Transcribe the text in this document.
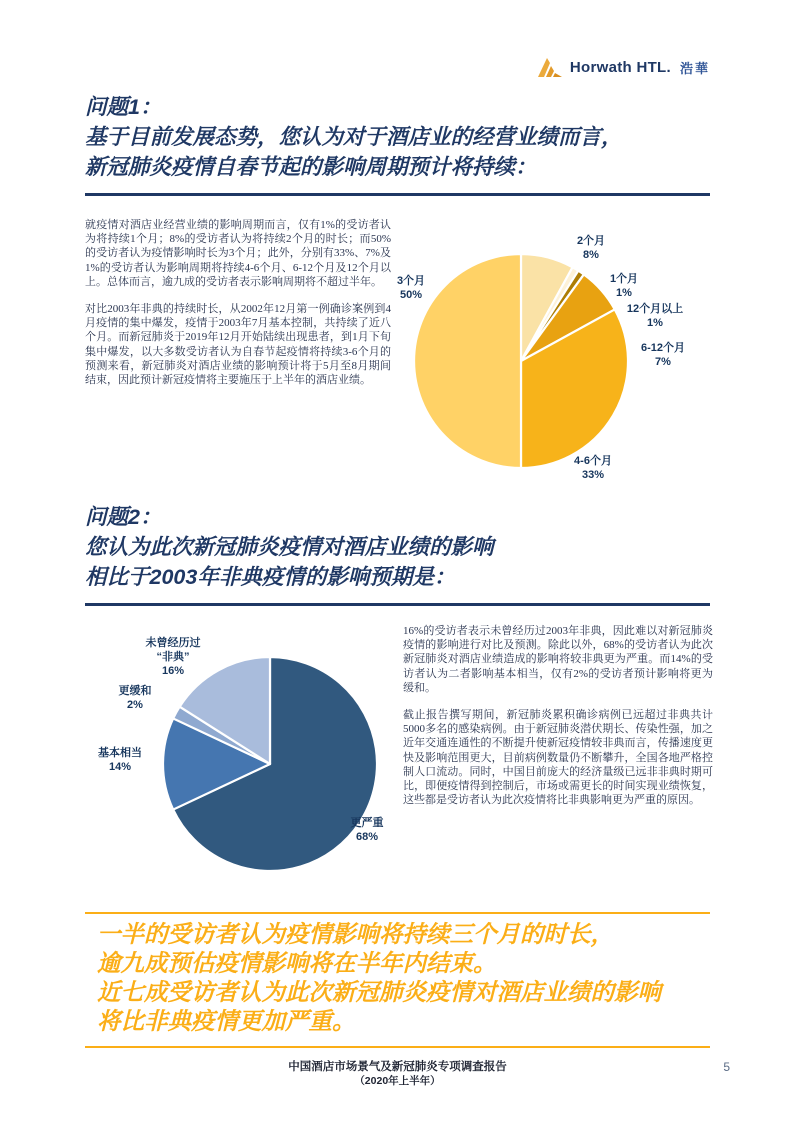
Horwath HTL. 浩華
问题1：
基于目前发展态势，您认为对于酒店业的经营业绩而言，
新冠肺炎疫情自春节起的影响周期预计将持续：

就疫情对酒店业经营业绩的影响周期而言，仅有1%的受访者认为将持续1个月；8%的受访者认为将持续2个月的时长；而50%的受访者认为疫情影响时长为3个月；此外，分别有33%、7%及1%的受访者认为影响周期将持续4-6个月、6-12个月及12个月以上。总体而言，逾九成的受访者表示影响周期将不超过半年。

对比2003年非典的持续时长，从2002年12月第一例确诊案例到4月疫情的集中爆发，疫情于2003年7月基本控制，共持续了近八个月。而新冠肺炎于2019年12月开始陆续出现患者，到1月下旬集中爆发，以大多数受访者认为自春节起疫情将持续3-6个月的预测来看，新冠肺炎对酒店业绩的影响预计将于5月至8月期间结束，因此预计新冠疫情将主要施压于上半年的酒店业绩。

2个月
8%
1个月
1%
12个月以上
1%
6-12个月
7%
4-6个月
33%
3个月
50%
问题2：
您认为此次新冠肺炎疫情对酒店业绩的影响
相比于2003年非典疫情的影响预期是：
未曾经历过
“非典”
16%
更缓和
2%
基本相当
14%
更严重
68%

16%的受访者表示未曾经历过2003年非典，因此难以对新冠肺炎疫情的影响进行对比及预测。除此以外，68%的受访者认为此次新冠肺炎对酒店业绩造成的影响将较非典更为严重。而14%的受访者认为二者影响基本相当，仅有2%的受访者预计影响将更为缓和。

截止报告撰写期间，新冠肺炎累积确诊病例已远超过非典共计5000多名的感染病例。由于新冠肺炎潜伏期长、传染性强，加之近年交通连通性的不断提升使新冠疫情较非典而言，传播速度更快及影响范围更大，目前病例数量仍不断攀升，全国各地严格控制人口流动。同时，中国目前庞大的经济量级已远非非典时期可比，即便疫情得到控制后，市场或需更长的时间实现业绩恢复，这些都是受访者认为此次疫情将比非典影响更为严重的原因。

一半的受访者认为疫情影响将持续三个月的时长，
逾九成预估疫情影响将在半年内结束。
近七成受访者认为此次新冠肺炎疫情对酒店业绩的影响
将比非典疫情更加严重。
中国酒店市场景气及新冠肺炎专项调查报告
（2020年上半年）
5
